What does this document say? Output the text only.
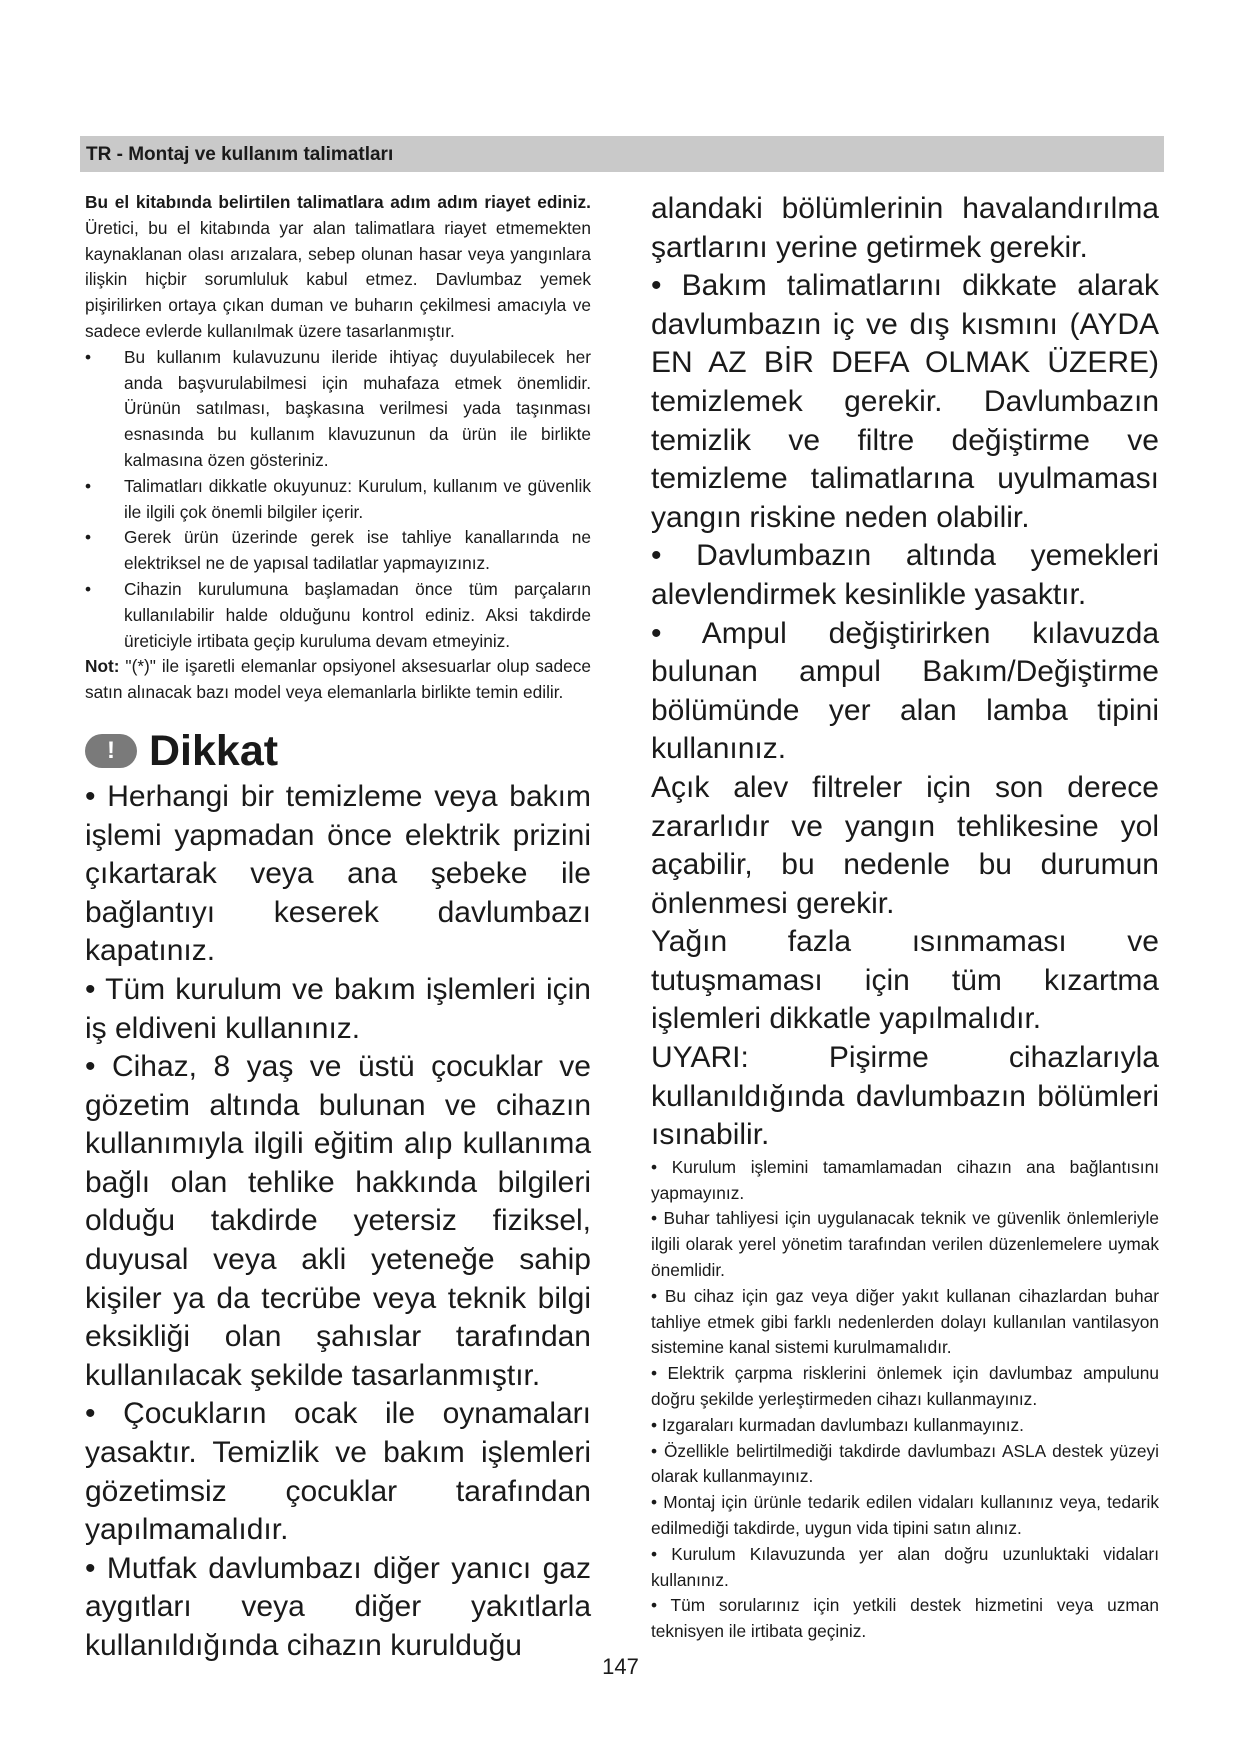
TR - Montaj ve kullanım talimatları

Bu el kitabında belirtilen talimatlara adım adım riayet ediniz. Üretici, bu el kitabında yar alan talimatlara riayet etmemekten kaynaklanan olası arızalara, sebep olunan hasar veya yangınlara ilişkin hiçbir sorumluluk kabul etmez. Davlumbaz yemek pişirilirken ortaya çıkan duman ve buharın çekilmesi amacıyla ve sadece evlerde kullanılmak üzere tasarlanmıştır.

• Bu kullanım kulavuzunu ileride ihtiyaç duyulabilecek her anda başvurulabilmesi için muhafaza etmek önemlidir. Ürünün satılması, başkasına verilmesi yada taşınması esnasında bu kullanım klavuzunun da ürün ile birlikte kalmasına özen gösteriniz.
• Talimatları dikkatle okuyunuz: Kurulum, kullanım ve güvenlik ile ilgili çok önemli bilgiler içerir.
• Gerek ürün üzerinde gerek ise tahliye kanallarında ne elektriksel ne de yapısal tadilatlar yapmayızınız.
• Cihazin kurulumuna başlamadan önce tüm parçaların kullanılabilir halde olduğunu kontrol ediniz. Aksi takdirde üreticiyle irtibata geçip kuruluma devam etmeyiniz.

Not: "(*)" ile işaretli elemanlar opsiyonel aksesuarlar olup sadece satın alınacak bazı model veya elemanlarla birlikte temin edilir.

! Dikkat

• Herhangi bir temizleme veya bakım işlemi yapmadan önce elektrik prizini çıkartarak veya ana şebeke ile bağlantıyı keserek davlumbazı kapatınız.

• Tüm kurulum ve bakım işlemleri için iş eldiveni kullanınız.

• Cihaz, 8 yaş ve üstü çocuklar ve gözetim altında bulunan ve cihazın kullanımıyla ilgili eğitim alıp kullanıma bağlı olan tehlike hakkında bilgileri olduğu takdirde yetersiz fiziksel, duyusal veya akli yeteneğe sahip kişiler ya da tecrübe veya teknik bilgi eksikliği olan şahıslar tarafından kullanılacak şekilde tasarlanmıştır.

• Çocukların ocak ile oynamaları yasaktır. Temizlik ve bakım işlemleri gözetimsiz çocuklar tarafından yapılmamalıdır.

• Mutfak davlumbazı diğer yanıcı gaz aygıtları veya diğer yakıtlarla kullanıldığında cihazın kurulduğu

alandaki bölümlerinin havalandırılma şartlarını yerine getirmek gerekir.

• Bakım talimatlarını dikkate alarak davlumbazın iç ve dış kısmını (AYDA EN AZ BİR DEFA OLMAK ÜZERE) temizlemek gerekir. Davlumbazın temizlik ve filtre değiştirme ve temizleme talimatlarına uyulmaması yangın riskine neden olabilir.

• Davlumbazın altında yemekleri alevlendirmek kesinlikle yasaktır.

• Ampul değiştirirken kılavuzda bulunan ampul Bakım/Değiştirme bölümünde yer alan lamba tipini kullanınız.

Açık alev filtreler için son derece zararlıdır ve yangın tehlikesine yol açabilir, bu nedenle bu durumun önlenmesi gerekir.

Yağın fazla ısınmaması ve tutuşmaması için tüm kızartma işlemleri dikkatle yapılmalıdır.

UYARI: Pişirme cihazlarıyla kullanıldığında davlumbazın bölümleri ısınabilir.

• Kurulum işlemini tamamlamadan cihazın ana bağlantısını yapmayınız.

• Buhar tahliyesi için uygulanacak teknik ve güvenlik önlemleriyle ilgili olarak yerel yönetim tarafından verilen düzenlemelere uymak önemlidir.

• Bu cihaz için gaz veya diğer yakıt kullanan cihazlardan buhar tahliye etmek gibi farklı nedenlerden dolayı kullanılan vantilasyon sistemine kanal sistemi kurulmamalıdır.

• Elektrik çarpma risklerini önlemek için davlumbaz ampulunu doğru şekilde yerleştirmeden cihazı kullanmayınız.

• Izgaraları kurmadan davlumbazı kullanmayınız.

• Özellikle belirtilmediği takdirde davlumbazı ASLA destek yüzeyi olarak kullanmayınız.

• Montaj için ürünle tedarik edilen vidaları kullanınız veya, tedarik edilmediği takdirde, uygun vida tipini satın alınız.

• Kurulum Kılavuzunda yer alan doğru uzunluktaki vidaları kullanınız.

• Tüm sorularınız için yetkili destek hizmetini veya uzman teknisyen ile irtibata geçiniz.

147
